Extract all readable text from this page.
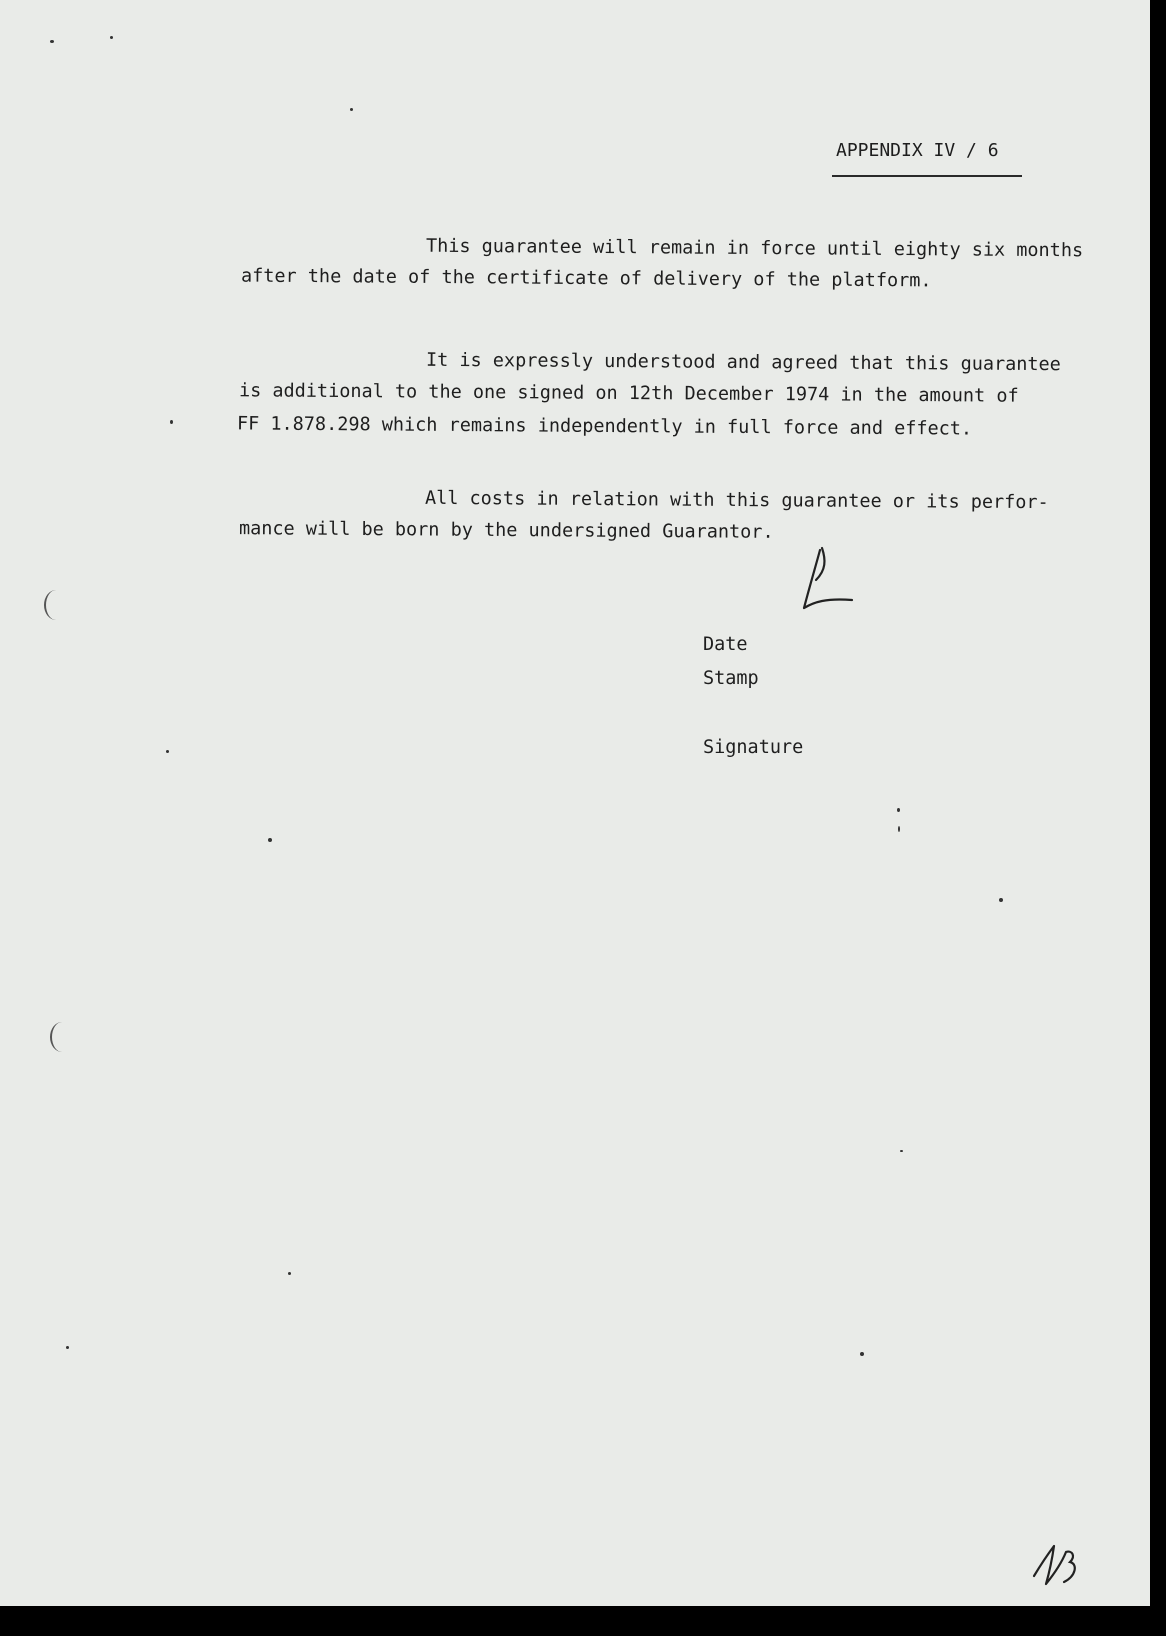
APPENDIX IV / 6
This guarantee will remain in force until eighty six months
after the date of the certificate of delivery of the platform.
It is expressly understood and agreed that this guarantee
is additional to the one signed on 12th December 1974 in the amount of
FF 1.878.298 which remains independently in full force and effect.
All costs in relation with this guarantee or its perfor-
mance will be born by the undersigned Guarantor.
Date
Stamp
Signature
